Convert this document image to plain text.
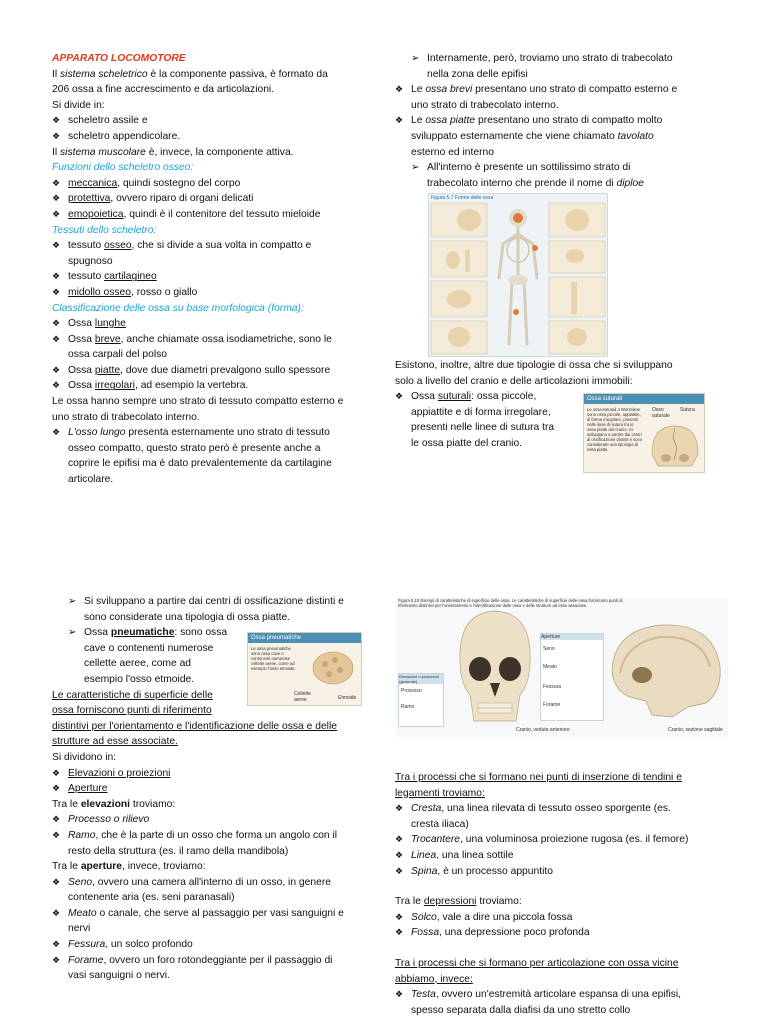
APPARATO LOCOMOTORE

Il sistema scheletrico è la componente passiva, è formato da

206 ossa a fine accrescimento e da articolazioni.

Si divide in:

❖ scheletro assile e

❖ scheletro appendicolare.

Il sistema muscolare è, invece, la componente attiva.

Funzioni dello scheletro osseo:

❖ meccanica, quindi sostegno del corpo

❖ protettiva, ovvero riparo di organi delicati

❖ emopoietica, quindi è il contenitore del tessuto mieloide

Tessuti dello scheletro:

❖ tessuto osseo, che si divide a sua volta in compatto e
spugnoso

❖ tessuto cartilagineo

❖ midollo osseo, rosso o giallo

Classificazione delle ossa su base morfologica (forma):

❖ Ossa lunghe

❖ Ossa breve, anche chiamate ossa isodiametriche, sono le
ossa carpali del polso

❖ Ossa piatte, dove due diametri prevalgono sullo spessore

❖ Ossa irregolari, ad esempio la vertebra.

Le ossa hanno sempre uno strato di tessuto compatto esterno e

uno strato di trabecolato interno.

❖ L'osso lungo presenta esternamente uno strato di tessuto
osseo compatto, questo strato però è presente anche a
coprire le epifisi ma è dato prevalentemente da cartilagine
articolare.

➢ Internamente, però, troviamo uno strato di trabecolato
nella zona delle epifisi

❖ Le ossa brevi presentano uno strato di compatto esterno e
uno strato di trabecolato interno.

❖ Le ossa piatte presentano uno strato di compatto molto
sviluppato esternamente che viene chiamato tavolato
esterno ed interno

➢ All'interno è presente un sottilissimo strato di
trabecolato interno che prende il nome di diploe

Figura 5.7 Forme delle ossa

Esistono, inoltre, altre due tipologie di ossa che si sviluppano

solo a livello del cranio e delle articolazioni immobili:

❖ Ossa suturali: ossa piccole,
appiattite e di forma irregolare,
presenti nelle linee di sutura tra
le ossa piatte del cranio.

Ossa suturali
Le ossa suturali o Wormiane sono ossa piccole, appiattite, di forma irregolare, presenti nelle linee di sutura tra le ossa piatte del cranio. Si sviluppano a partire dai centri di ossificazione distinti e sono considerate una tipologia di ossa piatte.
Osso suturale
Sutura

➢ Si sviluppano a partire dai centri di ossificazione distinti e
sono considerate una tipologia di ossa piatte.

➢ Ossa pneumatiche: sono ossa
cave o contenenti numerose
cellette aeree, come ad
esempio l'osso etmoide.

Le caratteristiche di superficie delle
ossa forniscono punti di riferimento
distintivi per l'orientamento e l'identificazione delle ossa e delle
strutture ad esse associate.

Si dividono in:

❖ Elevazioni o proiezioni

❖ Aperture

Tra le elevazioni troviamo:

❖ Processo o rilievo

❖ Ramo, che è la parte di un osso che forma un angolo con il
resto della struttura (es. il ramo della mandibola)

Tra le aperture, invece, troviamo:

❖ Seno, ovvero una camera all'interno di un osso, in genere
contenente aria (es. seni paranasali)

❖ Meato o canale, che serve al passaggio per vasi sanguigni e
nervi

❖ Fessura, un solco profondo

❖ Forame, ovvero un foro rotondeggiante per il passaggio di
vasi sanguigni o nervi.

Ossa pneumatiche
Le ossa pneumatiche sono ossa cave o contenenti numerose cellette aeree, come ad esempio l'osso etmoide.
Cellette aeree	Etmoide
Figura 5.10 Esempi di caratteristiche di superficie delle ossa. Le caratteristiche di superficie delle ossa forniscono punti di riferimento distintivi per l'orientamento e l'identificazione delle ossa e delle strutture ad esse associate.
Elevazioni o proiezioni (generale)
Processo
Ramo
Aperture
Seno
Meato
Fessura
Forame
Cranio, veduta anteriore	Cranio, sezione sagittale

Tra i processi che si formano nei punti di inserzione di tendini e
legamenti troviamo:

❖ Cresta, una linea rilevata di tessuto osseo sporgente (es.
cresta iliaca)

❖ Trocantere, una voluminosa proiezione rugosa (es. il femore)

❖ Linea, una linea sottile

❖ Spina, è un processo appuntito

Tra le depressioni troviamo:

❖ Solco, vale a dire una piccola fossa

❖ Fossa, una depressione poco profonda

Tra i processi che si formano per articolazione con ossa vicine
abbiamo, invece:

❖ Testa, ovvero un'estremità articolare espansa di una epifisi,
spesso separata dalla diafisi da uno stretto collo
